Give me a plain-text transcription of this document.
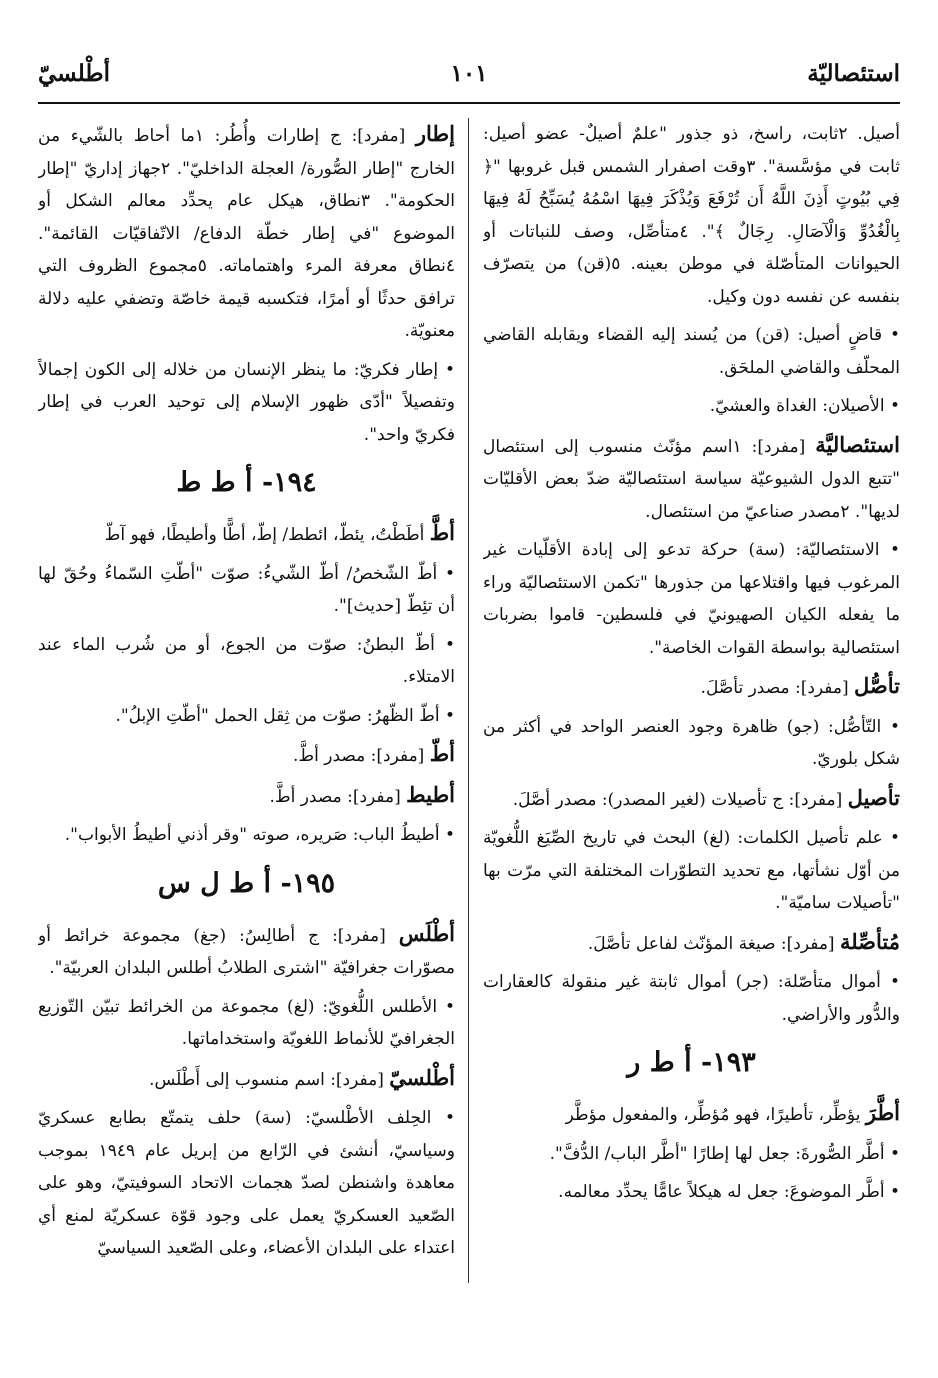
استئصاليّة
١٠١
أطْلسيّ

أصيل. ٢ثابت، راسخ، ذو جذور "علمٌ أصيلٌ- عضو أصيل: ثابت في مؤسَّسة". ٣وقت اصفرار الشمس قبل غروبها "﴿ فِي بُيُوتٍ أَذِنَ اللَّهُ أَن تُرْفَعَ وَيُذْكَرَ فِيهَا اسْمُهُ يُسَبِّحُ لَهُ فِيهَا بِالْغُدُوِّ وَالْآصَالِ. رِجَالٌ ﴾". ٤متأصِّل، وصف للنباتات أو الحيوانات المتأصّلة في موطن بعينه. ٥(قن) من يتصرّف بنفسه عن نفسه دون وكيل.

• قاضٍ أصيل: (قن) من يُسند إليه القضاء ويقابله القاضي المحلّف والقاضي الملحَق.

• الأصيلان: الغداة والعشيّ.

استئصاليَّة [مفرد]: ١اسم مؤنّث منسوب إلى استئصال "تتبع الدول الشيوعيّة سياسة استئصاليّة ضدّ بعض الأقليّات لديها". ٢مصدر صناعيّ من استئصال.

• الاستئصاليّة: (سة) حركة تدعو إلى إبادة الأقلّيات غير المرغوب فيها واقتلاعها من جذورها "تكمن الاستئصاليّة وراء ما يفعله الكيان الصهيونيّ في فلسطين- قاموا بضربات استئصالية بواسطة القوات الخاصة".

تأصُّل [مفرد]: مصدر تأصَّلَ.

• التّأصُّل: (جو) ظاهرة وجود العنصر الواحد في أكثر من شكل بلوريّ.

تأصيل [مفرد]: ج تأصيلات (لغير المصدر): مصدر أصَّلَ.

• علم تأصيل الكلمات: (لغ) البحث في تاريخ الصِّيَغ اللُّغويّة من أوّل نشأتها، مع تحديد التطوّرات المختلفة التي مرّت بها "تأصيلات ساميّة".

مُتأصِّلة [مفرد]: صيغة المؤنّث لفاعل تأصَّلَ.

• أموال متأصّلة: (جر) أموال ثابتة غير منقولة كالعقارات والدُّور والأراضي.

١٩٣- أ ط ر

أطَّرَ يؤطِّر، تأطيرًا، فهو مُؤطِّر، والمفعول مؤطَّر

• أطَّر الصُّورةَ: جعل لها إطارًا "أطَّر الباب/ الدُّفَّ".

• أطَّر الموضوعَ: جعل له هيكلاً عامًّا يحدِّد معالمه.

إطار [مفرد]: ج إطارات وأُطُر: ١ما أحاط بالشّيء من الخارج "إطار الصُّورة/ العجلة الداخليّ". ٢جهاز إداريّ "إطار الحكومة". ٣نطاق، هيكل عام يحدِّد معالم الشكل أو الموضوع "في إطار خطّة الدفاع/ الاتّفاقيّات القائمة". ٤نطاق معرفة المرء واهتماماته. ٥مجموع الظروف التي ترافق حدثًا أو أمرًا، فتكسبه قيمة خاصّة وتضفي عليه دلالة معنويّة.

• إطار فكريّ: ما ينظر الإنسان من خلاله إلى الكون إجمالاً وتفصيلاً "أدّى ظهور الإسلام إلى توحيد العرب في إطار فكريّ واحد".

١٩٤- أ ط ط

أطَّ أطَطْتُ، يئطّ، ائطط/ إطّ، أطًّا وأطيطًا، فهو آطّ

• أطّ الشّخصُ/ أطّ الشّيءُ: صوّت "أطّتِ السّماءُ وحُقّ لها أن تئِطّ [حديث]".

• أطّ البطنُ: صوّت من الجوع، أو من شُرب الماء عند الامتلاء.

• أطّ الظّهرُ: صوّت من ثِقل الحمل "أطّتِ الإبلُ".

أطّ [مفرد]: مصدر أطَّ.

أطيط [مفرد]: مصدر أطَّ.

• أطيطُ الباب: صَريره، صوته "وقر أذني أطيطُ الأبواب".

١٩٥- أ ط ل س

أطْلَس [مفرد]: ج أطالِسُ: (جغ) مجموعة خرائط أو مصوّرات جغرافيّة "اشترى الطلابُ أطلس البلدان العربيّة".

• الأطلس اللُّغويّ: (لغ) مجموعة من الخرائط تبيّن التّوزيع الجغرافيّ للأنماط اللغويّة واستخداماتها.

أطْلسيّ [مفرد]: اسم منسوب إلى أَطْلَس.

• الحِلف الأطْلسيّ: (سة) حلف يتمتّع بطابع عسكريّ وسياسيّ، أنشئ في الرّابع من إبريل عام ١٩٤٩ بموجب معاهدة واشنطن لصدّ هجمات الاتحاد السوفيتيّ، وهو على الصّعيد العسكريّ يعمل على وجود قوّة عسكريّة لمنع أي اعتداء على البلدان الأعضاء، وعلى الصّعيد السياسيّ
